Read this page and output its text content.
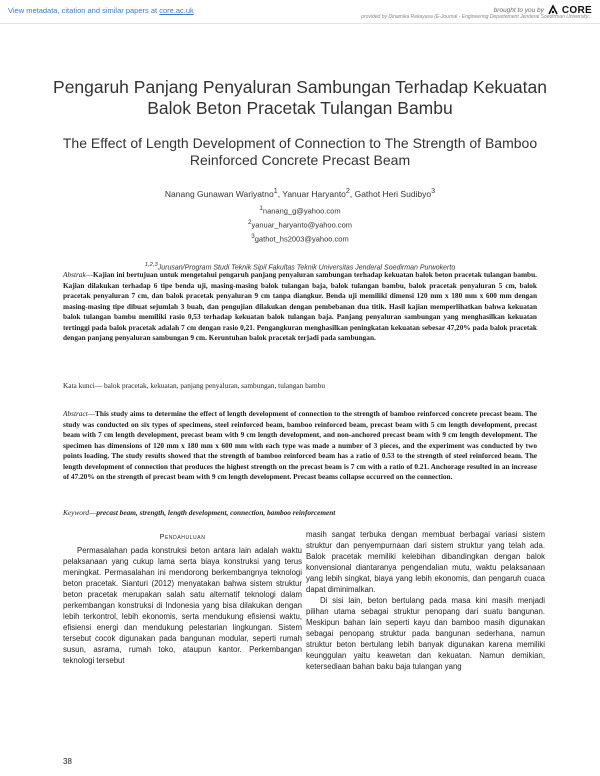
View metadata, citation and similar papers at core.ac.uk	brought to you by CORE
provided by Dinamika Rekayasa (E-Journal - Engineering Departement Jenderal Soedirman University...
Pengaruh Panjang Penyaluran Sambungan Terhadap Kekuatan Balok Beton Pracetak Tulangan Bambu
The Effect of Length Development of Connection to The Strength of Bamboo Reinforced Concrete Precast Beam
Nanang Gunawan Wariyatno$^1$, Yanuar Haryanto$^2$, Gathot Heri Sudibyo$^3$
$^1$nanang_g@yahoo.com
$^2$yanuar_haryanto@yahoo.com
$^3$gathot_hs2003@yahoo.com
$^{1,2,3}$Jurusan/Program Studi Teknik Sipil Fakultas Teknik Universitas Jenderal Soedirman Purwokerto
Abstrak—Kajian ini bertujuan untuk mengetahui pengaruh panjang penyaluran sambungan terhadap kekuatan balok beton pracetak tulangan bambu. Kajian dilakukan terhadap 6 tipe benda uji, masing-masing balok tulangan baja, balok tulangan bambu, balok pracetak penyaluran 5 cm, balok pracetak penyaluran 7 cm, dan balok pracetak penyaluran 9 cm tanpa diangkur. Benda uji memiliki dimensi 120 mm x 180 mm x 600 mm dengan masing-masing tipe dibuat sejumlah 3 buah, dan pengujian dilakukan dengan pembebanan dua titik. Hasil kajian memperlihatkan bahwa kekuatan balok tulangan bambu memiliki rasio 0,53 terhadap kekuatan balok tulangan baja. Panjang penyaluran sambungan yang menghasilkan kekuatan tertinggi pada balok pracetak adalah 7 cm dengan rasio 0,21. Pengangkuran menghasilkan peningkatan kekuatan sebesar 47,20% pada balok pracetak dengan panjang penyaluran sambungan 9 cm. Keruntuhan balok pracetak terjadi pada sambungan.
Kata kunci— balok pracetak, kekuatan, panjang penyaluran, sambungan, tulangan bambu
Abstract—This study aims to determine the effect of length development of connection to the strength of bamboo reinforced concrete precast beam. The study was conducted on six types of specimens, steel reinforced beam, bamboo reinforced beam, precast beam with 5 cm length development, precast beam with 7 cm length development, precast beam with 9 cm length development, and non-anchored precast beam with 9 cm length development. The specimen has dimensions of 120 mm x 180 mm x 600 mm with each type was made a number of 3 pieces, and the experiment was conducted by two points loading. The study results showed that the strength of bamboo reinforced beam has a ratio of 0.53 to the strength of steel reinforced beam. The length development of connection that produces the highest strength on the precast beam is 7 cm with a ratio of 0.21. Anchorage resulted in an increase of 47.20% on the strength of precast beam with 9 cm length development. Precast beams collapse occurred on the connection.
Keyword—precast beam, strength, length development, connection, bamboo reinforcement
Pendahuluan

Permasalahan pada konstruksi beton antara lain adalah waktu pelaksanaan yang cukup lama serta biaya konstruksi yang terus meningkat. Permasalahan ini mendorong berkembangnya teknologi beton pracetak. Sianturi (2012) menyatakan bahwa sistem struktur beton pracetak merupakan salah satu alternatif teknologi dalam perkembangan konstruksi di Indonesia yang bisa dilakukan dengan lebih terkontrol, lebih ekonomis, serta mendukung efisiensi waktu, efisiensi energi dan mendukung pelestarian lingkungan. Sistem tersebut cocok digunakan pada bangunan modular, seperti rumah susun, asrama, rumah toko, ataupun kantor. Perkembangan teknologi tersebut

masih sangat terbuka dengan membuat berbagai variasi sistem struktur dan penyempurnaan dari sistem struktur yang telah ada. Balok pracetak memiliki kelebihan dibandingkan dengan balok konvensional diantaranya pengendalian mutu, waktu pelaksanaan yang lebih singkat, biaya yang lebih ekonomis, dan pengaruh cuaca dapat diminimalkan.

Di sisi lain, beton bertulang pada masa kini masih menjadi pilihan utama sebagai struktur penopang dari suatu bangunan. Meskipun bahan lain seperti kayu dan bamboo masih digunakan sebagai penopang struktur pada bangunan sederhana, namun struktur beton bertulang lebih banyak digunakan karena memiliki keunggulan yaitu keawetan dan kekuatan. Namun demikian, ketersediaan bahan baku baja tulangan yang

38
